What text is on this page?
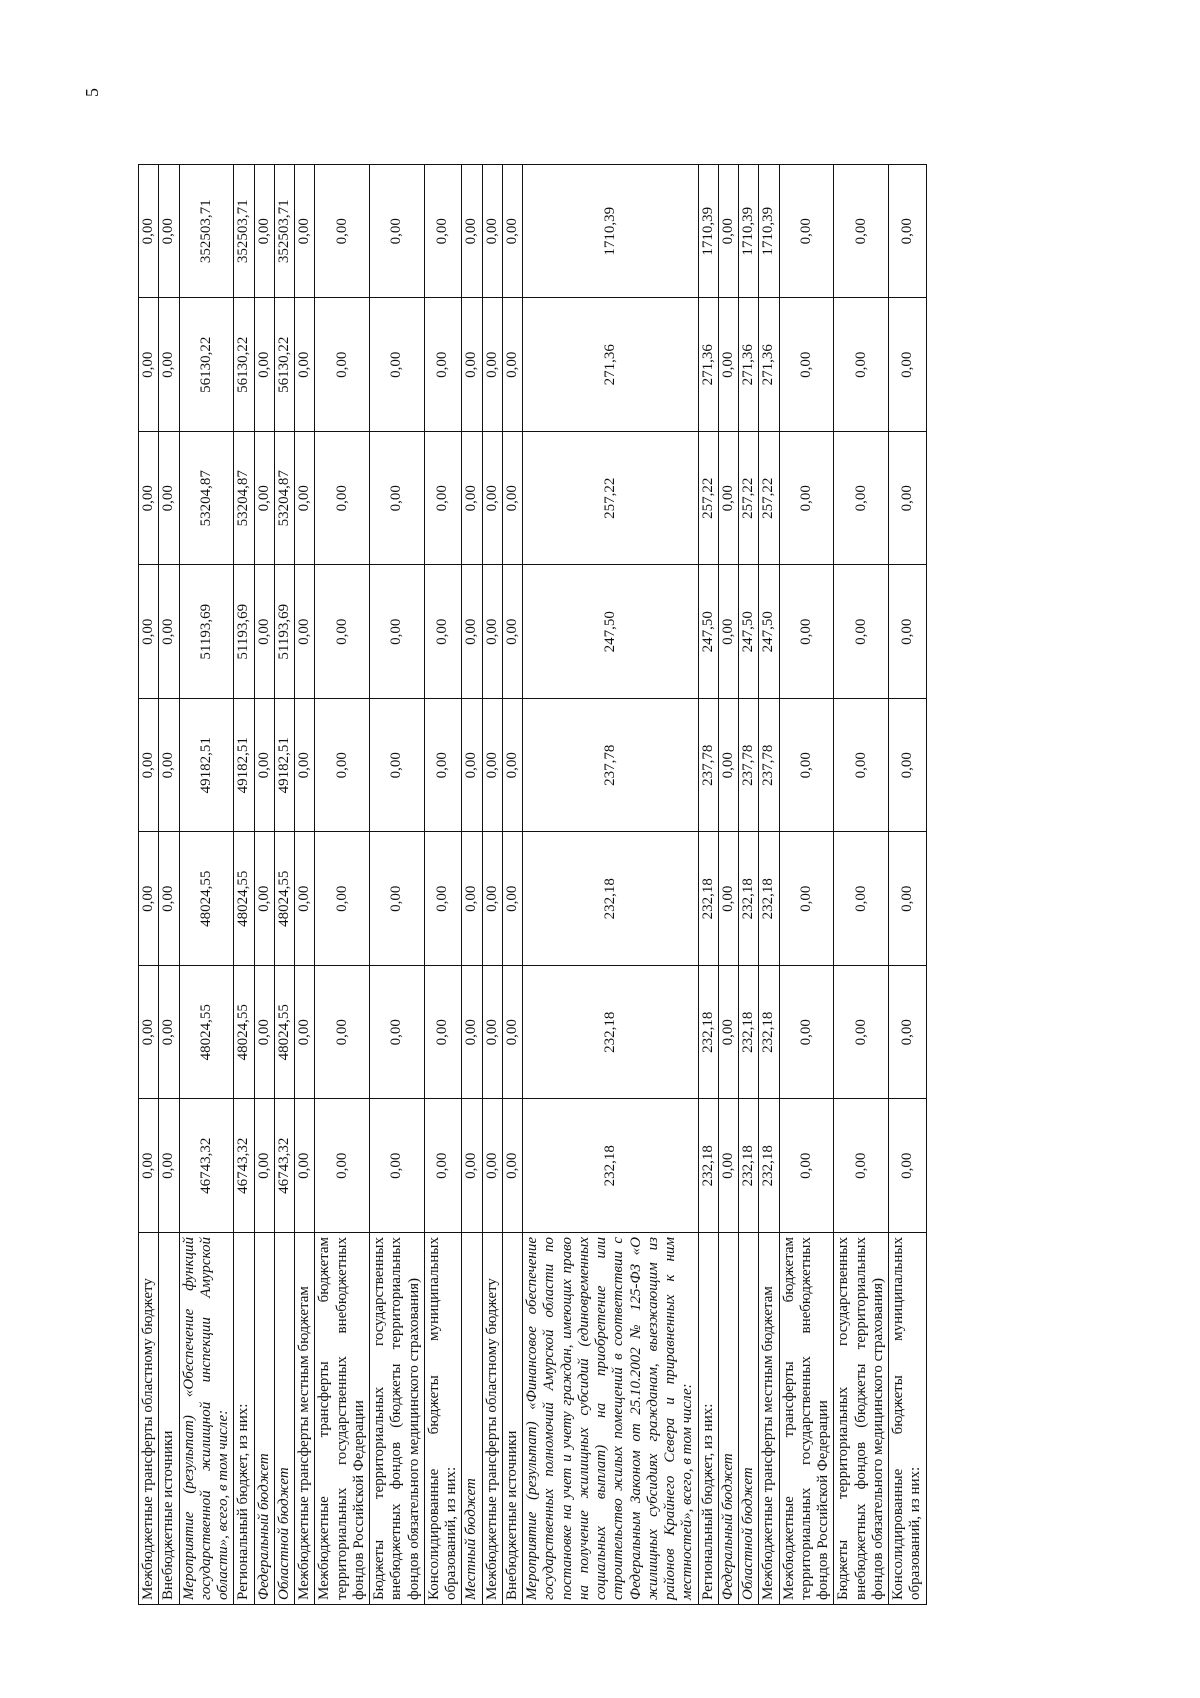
5
Межбюджетные трансферты областному бюджету	0,00	0,00	0,00	0,00	0,00	0,00	0,00	0,00
Внебюджетные источники	0,00	0,00	0,00	0,00	0,00	0,00	0,00	0,00
Мероприятие (результат) «Обеспечение функций государственной жилищной инспекции Амурской области», всего, в том числе:	46743,32	48024,55	48024,55	49182,51	51193,69	53204,87	56130,22	352503,71
Региональный бюджет, из них:	46743,32	48024,55	48024,55	49182,51	51193,69	53204,87	56130,22	352503,71
Федеральный бюджет	0,00	0,00	0,00	0,00	0,00	0,00	0,00	0,00
Областной бюджет	46743,32	48024,55	48024,55	49182,51	51193,69	53204,87	56130,22	352503,71
Межбюджетные трансферты местным бюджетам	0,00	0,00	0,00	0,00	0,00	0,00	0,00	0,00
Межбюджетные трансферты бюджетам территориальных государственных внебюджетных фондов Российской Федерации	0,00	0,00	0,00	0,00	0,00	0,00	0,00	0,00
Бюджеты территориальных государственных внебюджетных фондов (бюджеты территориальных фондов обязательного медицинского страхования)	0,00	0,00	0,00	0,00	0,00	0,00	0,00	0,00
Консолидированные бюджеты муниципальных образований, из них:	0,00	0,00	0,00	0,00	0,00	0,00	0,00	0,00
Местный бюджет	0,00	0,00	0,00	0,00	0,00	0,00	0,00	0,00
Межбюджетные трансферты областному бюджету	0,00	0,00	0,00	0,00	0,00	0,00	0,00	0,00
Внебюджетные источники	0,00	0,00	0,00	0,00	0,00	0,00	0,00	0,00
Мероприятие (результат) «Финансовое обеспечение государственных полномочий Амурской области по постановке на учет и учету граждан, имеющих право на получение жилищных субсидий (единовременных социальных выплат) на приобретение или строительство жилых помещений в соответствии с Федеральным Законом от 25.10.2002 № 125-ФЗ «О жилищных субсидиях гражданам, выезжающим из районов Крайнего Севера и приравненных к ним местностей», всего, в том числе:	232,18	232,18	232,18	237,78	247,50	257,22	271,36	1710,39
Региональный бюджет, из них:	232,18	232,18	232,18	237,78	247,50	257,22	271,36	1710,39
Федеральный бюджет	0,00	0,00	0,00	0,00	0,00	0,00	0,00	0,00
Областной бюджет	232,18	232,18	232,18	237,78	247,50	257,22	271,36	1710,39
Межбюджетные трансферты местным бюджетам	232,18	232,18	232,18	237,78	247,50	257,22	271,36	1710,39
Межбюджетные трансферты бюджетам территориальных государственных внебюджетных фондов Российской Федерации	0,00	0,00	0,00	0,00	0,00	0,00	0,00	0,00
Бюджеты территориальных государственных внебюджетных фондов (бюджеты территориальных фондов обязательного медицинского страхования)	0,00	0,00	0,00	0,00	0,00	0,00	0,00	0,00
Консолидированные бюджеты муниципальных образований, из них:	0,00	0,00	0,00	0,00	0,00	0,00	0,00	0,00
